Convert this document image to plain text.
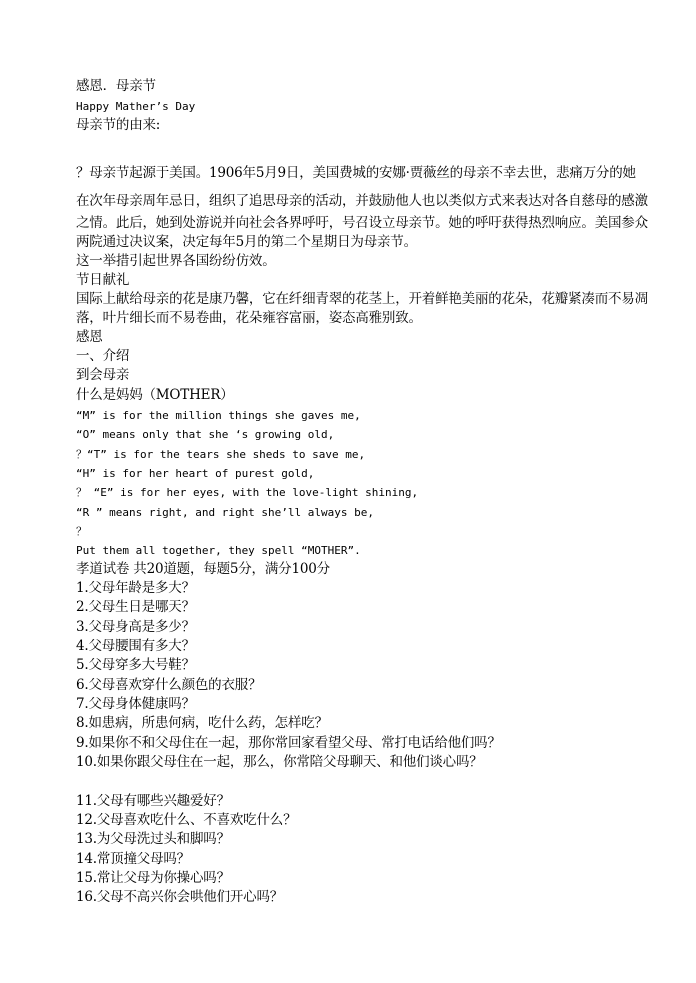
感恩．母亲节
Happy Mather’s Day
母亲节的由来:
？母亲节起源于美国。1906年5月9日，美国费城的安娜·贾薇丝的母亲不幸去世，悲痛万分的她
在次年母亲周年忌日，组织了追思母亲的活动，并鼓励他人也以类似方式来表达对各自慈母的感激
之情。此后，她到处游说并向社会各界呼吁，号召设立母亲节。她的呼吁获得热烈响应。美国参众
两院通过决议案，决定每年5月的第二个星期日为母亲节。
这一举措引起世界各国纷纷仿效。
节日献礼
国际上献给母亲的花是康乃馨，它在纤细青翠的花茎上，开着鲜艳美丽的花朵，花瓣紧凑而不易凋
落，叶片细长而不易卷曲，花朵雍容富丽，姿态高雅别致。
感恩
一、介绍
到会母亲
什么是妈妈（MOTHER）
“M” is for the million things she gaves me,
“O” means only that she ‘s growing old,
？“T” is for the tears she sheds to save me,
“H” is for her heart of purest gold,
？ “E” is for her eyes, with the love-light shining,
“R ” means right, and right she’ll always be,
？
Put them all together, they spell “MOTHER”.
孝道试卷 共20道题，每题5分，满分100分
1.父母年龄是多大？
2.父母生日是哪天？
3.父母身高是多少？
4.父母腰围有多大？
5.父母穿多大号鞋？
6.父母喜欢穿什么颜色的衣服？
7.父母身体健康吗？
8.如患病，所患何病，吃什么药，怎样吃？
9.如果你不和父母住在一起，那你常回家看望父母、常打电话给他们吗？
10.如果你跟父母住在一起，那么，你常陪父母聊天、和他们谈心吗？
11.父母有哪些兴趣爱好？
12.父母喜欢吃什么、不喜欢吃什么？
13.为父母洗过头和脚吗？
14.常顶撞父母吗？
15.常让父母为你操心吗？
16.父母不高兴你会哄他们开心吗？
